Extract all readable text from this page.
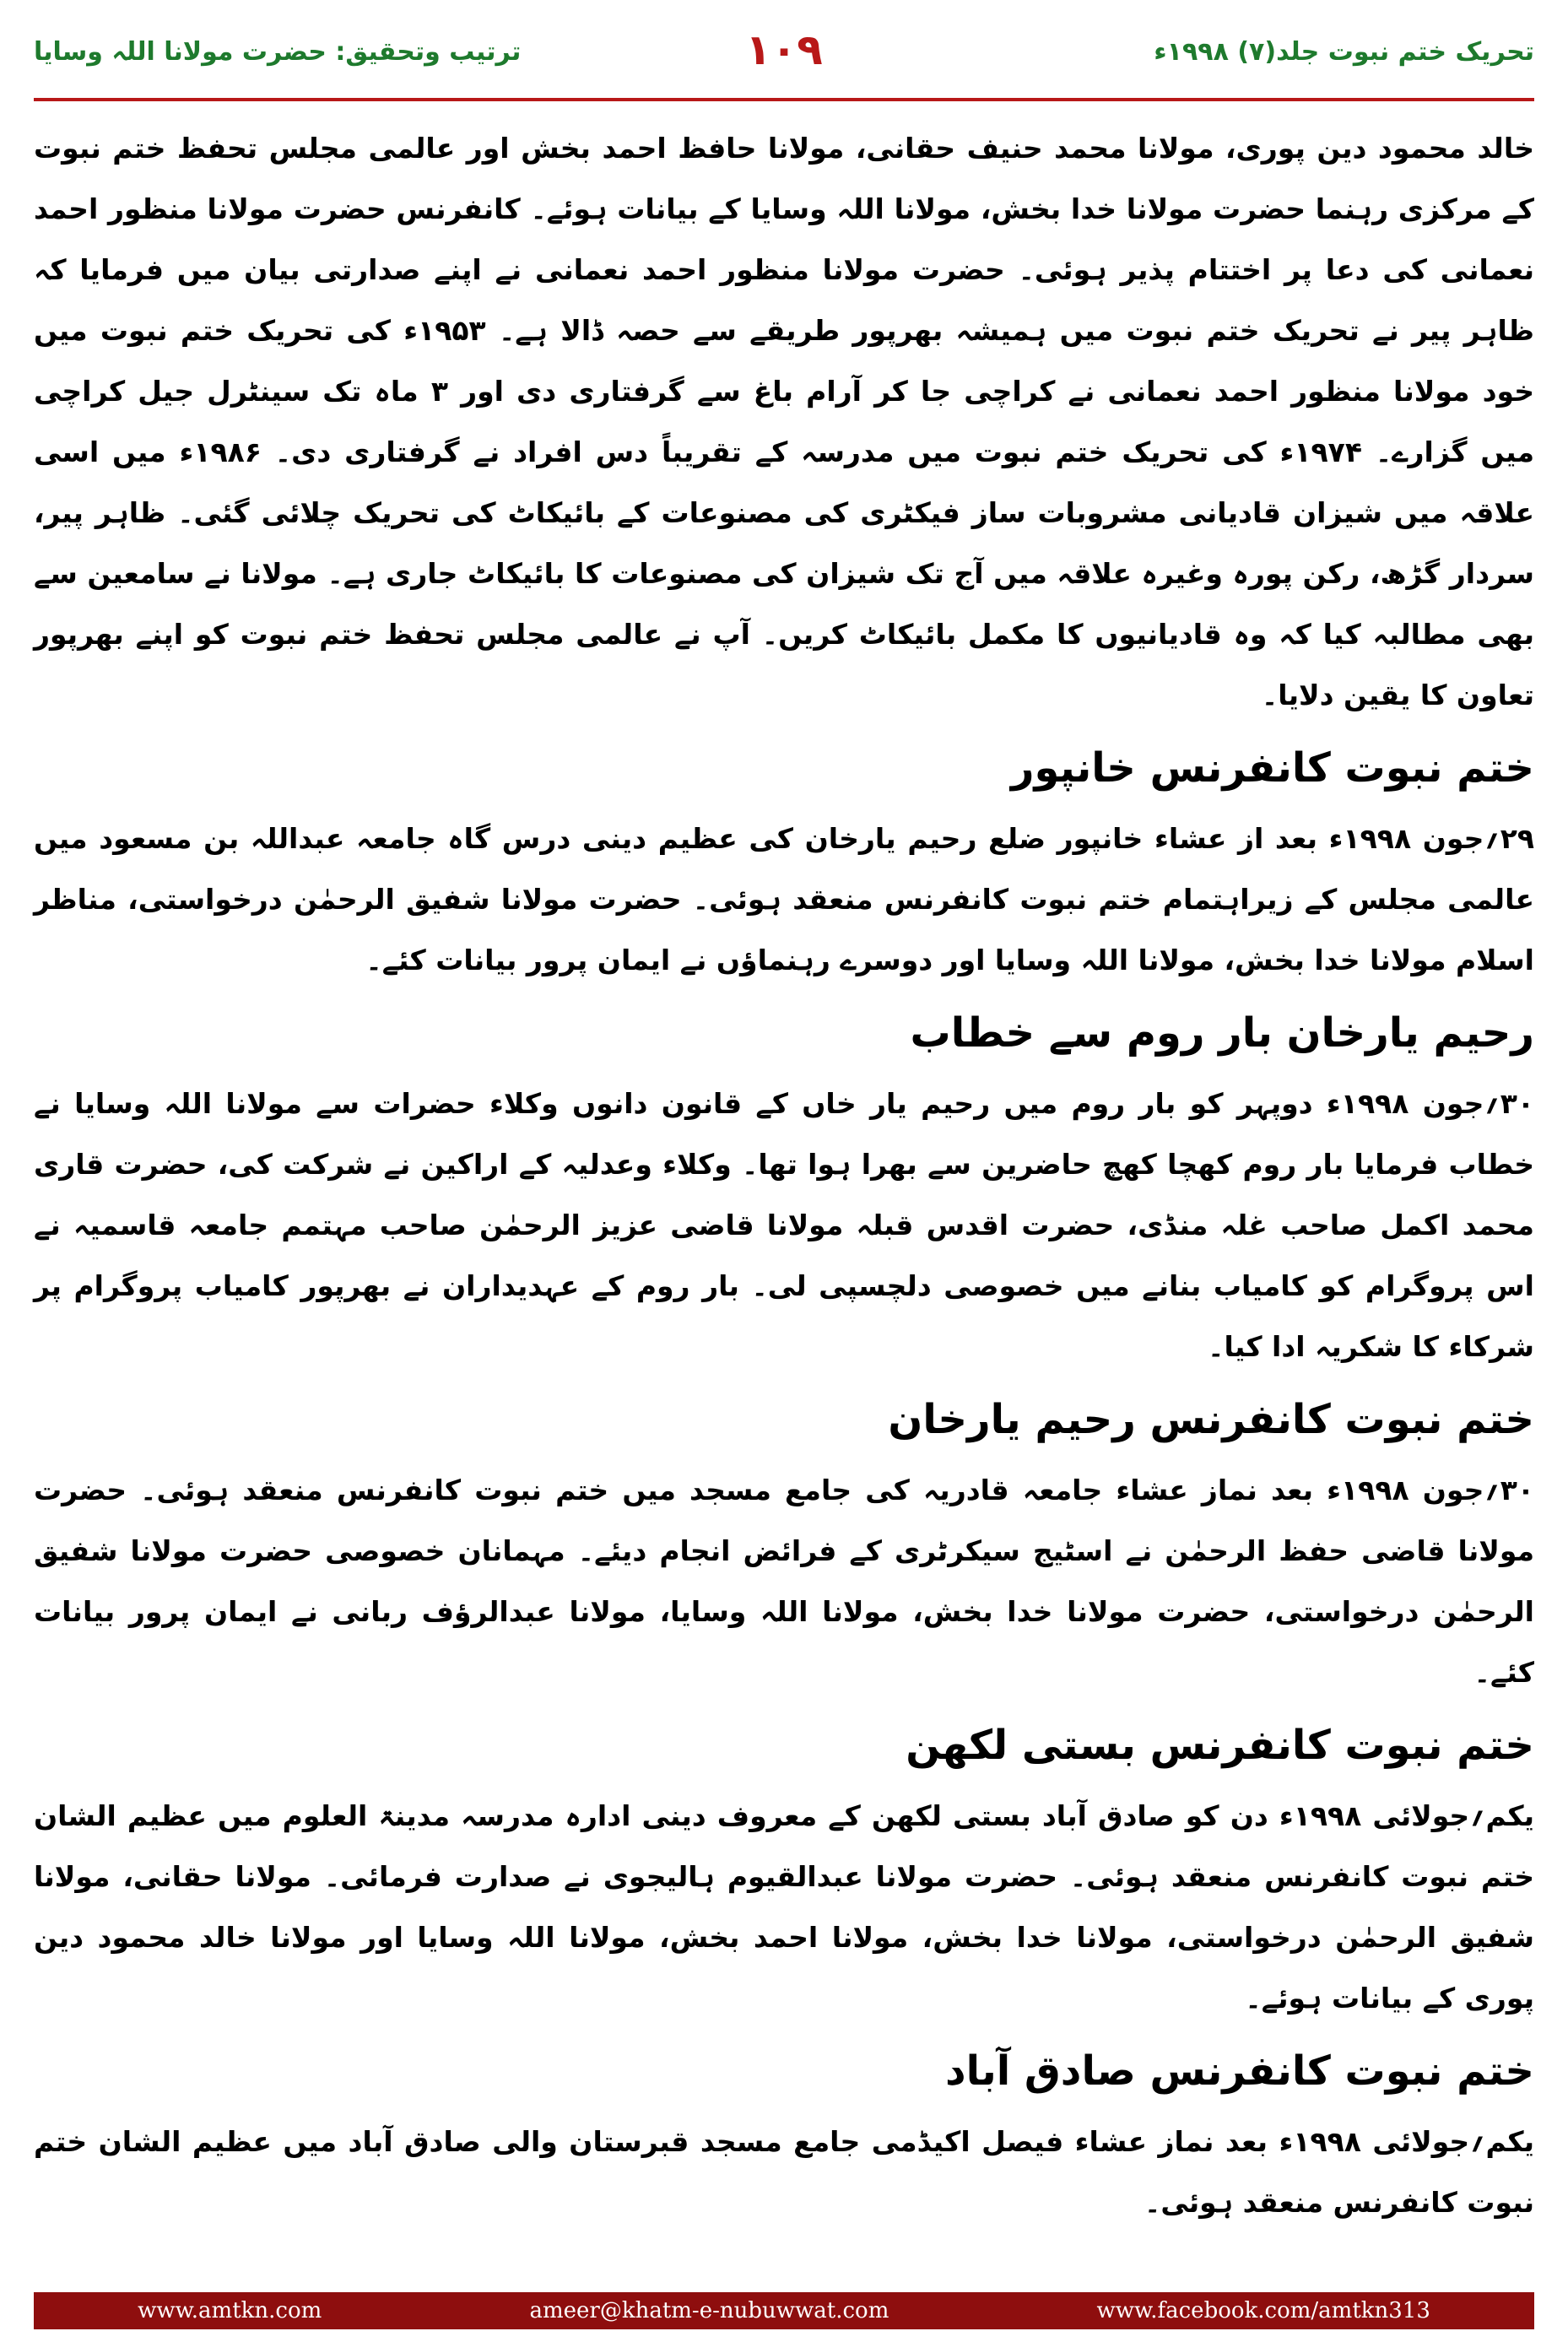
تحریک ختم نبوت جلد(۷) ۱۹۹۸ء
۱۰۹
ترتیب وتحقیق: حضرت مولانا اللہ وسایا

خالد محمود دین پوری، مولانا محمد حنیف حقانی، مولانا حافظ احمد بخش اور عالمی مجلس تحفظ ختم نبوت کے مرکزی رہنما حضرت مولانا خدا بخش، مولانا اللہ وسایا کے بیانات ہوئے۔ کانفرنس حضرت مولانا منظور احمد نعمانی کی دعا پر اختتام پذیر ہوئی۔ حضرت مولانا منظور احمد نعمانی نے اپنے صدارتی بیان میں فرمایا کہ ظاہر پیر نے تحریک ختم نبوت میں ہمیشہ بھرپور طریقے سے حصہ ڈالا ہے۔ ۱۹۵۳ء کی تحریک ختم نبوت میں خود مولانا منظور احمد نعمانی نے کراچی جا کر آرام باغ سے گرفتاری دی اور ۳ ماہ تک سینٹرل جیل کراچی میں گزارے۔ ۱۹۷۴ء کی تحریک ختم نبوت میں مدرسہ کے تقریباً دس افراد نے گرفتاری دی۔ ۱۹۸۶ء میں اسی علاقہ میں شیزان قادیانی مشروبات ساز فیکٹری کی مصنوعات کے بائیکاٹ کی تحریک چلائی گئی۔ ظاہر پیر، سردار گڑھ، رکن پورہ وغیرہ علاقہ میں آج تک شیزان کی مصنوعات کا بائیکاٹ جاری ہے۔ مولانا نے سامعین سے بھی مطالبہ کیا کہ وہ قادیانیوں کا مکمل بائیکاٹ کریں۔ آپ نے عالمی مجلس تحفظ ختم نبوت کو اپنے بھرپور تعاون کا یقین دلایا۔

ختم نبوت کانفرنس خانپور

۲۹؍جون ۱۹۹۸ء بعد از عشاء خانپور ضلع رحیم یارخان کی عظیم دینی درس گاہ جامعہ عبداللہ بن مسعود میں عالمی مجلس کے زیراہتمام ختم نبوت کانفرنس منعقد ہوئی۔ حضرت مولانا شفیق الرحمٰن درخواستی، مناظر اسلام مولانا خدا بخش، مولانا اللہ وسایا اور دوسرے رہنماؤں نے ایمان پرور بیانات کئے۔

رحیم یارخان بار روم سے خطاب

۳۰؍جون ۱۹۹۸ء دوپہر کو بار روم میں رحیم یار خاں کے قانون دانوں وکلاء حضرات سے مولانا اللہ وسایا نے خطاب فرمایا بار روم کھچا کھچ حاضرین سے بھرا ہوا تھا۔ وکلاء وعدلیہ کے اراکین نے شرکت کی، حضرت قاری محمد اکمل صاحب غلہ منڈی، حضرت اقدس قبلہ مولانا قاضی عزیز الرحمٰن صاحب مہتمم جامعہ قاسمیہ نے اس پروگرام کو کامیاب بنانے میں خصوصی دلچسپی لی۔ بار روم کے عہدیداران نے بھرپور کامیاب پروگرام پر شرکاء کا شکریہ ادا کیا۔

ختم نبوت کانفرنس رحیم یارخان

۳۰؍جون ۱۹۹۸ء بعد نماز عشاء جامعہ قادریہ کی جامع مسجد میں ختم نبوت کانفرنس منعقد ہوئی۔ حضرت مولانا قاضی حفظ الرحمٰن نے اسٹیج سیکرٹری کے فرائض انجام دیئے۔ مہمانان خصوصی حضرت مولانا شفیق الرحمٰن درخواستی، حضرت مولانا خدا بخش، مولانا اللہ وسایا، مولانا عبدالرؤف ربانی نے ایمان پرور بیانات کئے۔

ختم نبوت کانفرنس بستی لکھن

یکم؍جولائی ۱۹۹۸ء دن کو صادق آباد بستی لکھن کے معروف دینی ادارہ مدرسہ مدینۃ العلوم میں عظیم الشان ختم نبوت کانفرنس منعقد ہوئی۔ حضرت مولانا عبدالقیوم ہالیجوی نے صدارت فرمائی۔ مولانا حقانی، مولانا شفیق الرحمٰن درخواستی، مولانا خدا بخش، مولانا احمد بخش، مولانا اللہ وسایا اور مولانا خالد محمود دین پوری کے بیانات ہوئے۔

ختم نبوت کانفرنس صادق آباد

یکم؍جولائی ۱۹۹۸ء بعد نماز عشاء فیصل اکیڈمی جامع مسجد قبرستان والی صادق آباد میں عظیم الشان ختم نبوت کانفرنس منعقد ہوئی۔

www.amtkn.com	ameer@khatm-e-nubuwwat.com	www.facebook.com/amtkn313
